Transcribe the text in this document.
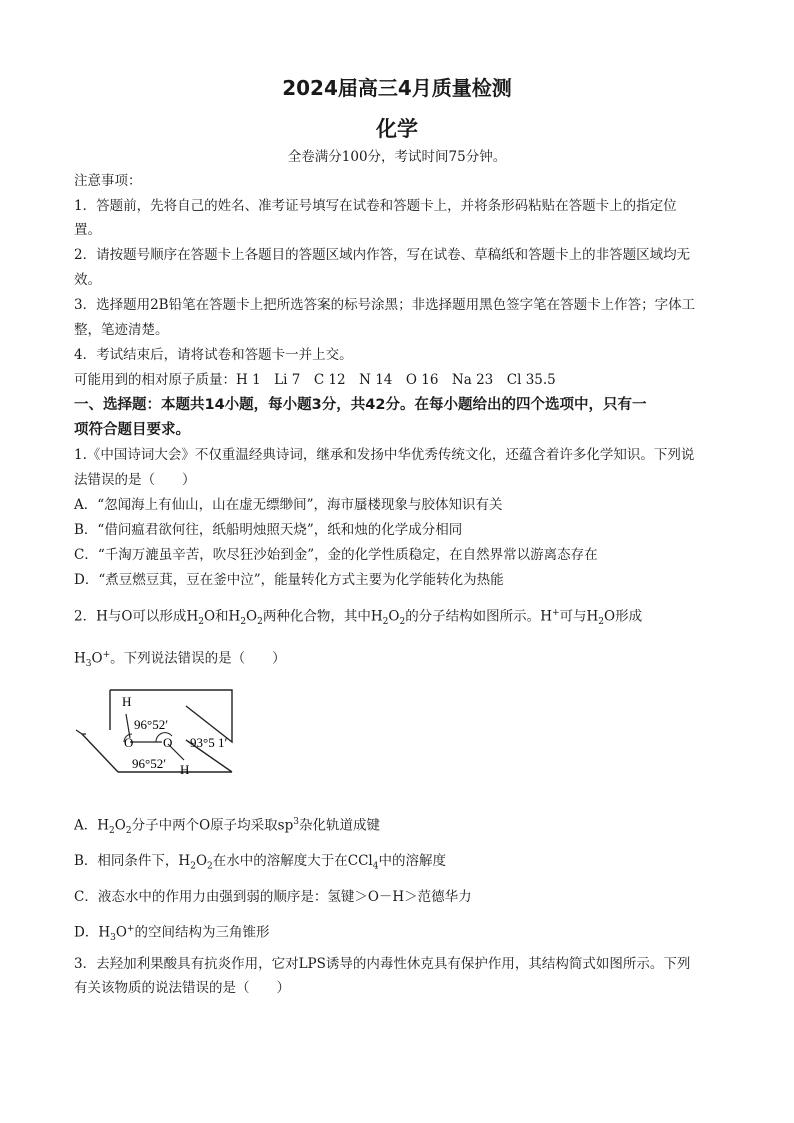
2024届高三4月质量检测
化学
全卷满分100分，考试时间75分钟。
注意事项：
1．答题前，先将自己的姓名、准考证号填写在试卷和答题卡上，并将条形码粘贴在答题卡上的指定位
置。
2．请按题号顺序在答题卡上各题目的答题区域内作答，写在试卷、草稿纸和答题卡上的非答题区域均无
效。
3．选择题用2B铅笔在答题卡上把所选答案的标号涂黑；非选择题用黑色签字笔在答题卡上作答；字体工
整，笔迹清楚。
4．考试结束后，请将试卷和答题卡一并上交。
可能用到的相对原子质量：H 1　Li 7　C 12　N 14　O 16　Na 23　Cl 35.5
一、选择题：本题共14小题，每小题3分，共42分。在每小题给出的四个选项中，只有一
项符合题目要求。
1.《中国诗词大会》不仅重温经典诗词，继承和发扬中华优秀传统文化，还蕴含着许多化学知识。下列说
法错误的是（　　）
A．“忽闻海上有仙山，山在虚无缥缈间”，海市蜃楼现象与胶体知识有关
B．“借问瘟君欲何往，纸船明烛照天烧”，纸和烛的化学成分相同
C．“千淘万漉虽辛苦，吹尽狂沙始到金”，金的化学性质稳定，在自然界常以游离态存在
D．“煮豆燃豆萁，豆在釜中泣”，能量转化方式主要为化学能转化为热能
2．H与O可以形成$H_2O$和$H_2O_2$两种化合物，其中$H_2O_2$的分子结构如图所示。H+可与$H_2O$形成
$H_3O^+$。下列说法错误的是（　　）
H
96°52′
O O 93°5 1′
96°52′ H
A．$H_2O_2$分子中两个O原子均采取$sp^3$杂化轨道成键
B．相同条件下，$H_2O_2$在水中的溶解度大于在CCl$_4$中的溶解度
C．液态水中的作用力由强到弱的顺序是：氢键＞O－H＞范德华力
D．$H_3O^+$的空间结构为三角锥形
3．去羟加利果酸具有抗炎作用，它对LPS诱导的内毒性休克具有保护作用，其结构简式如图所示。下列
有关该物质的说法错误的是（　　）
